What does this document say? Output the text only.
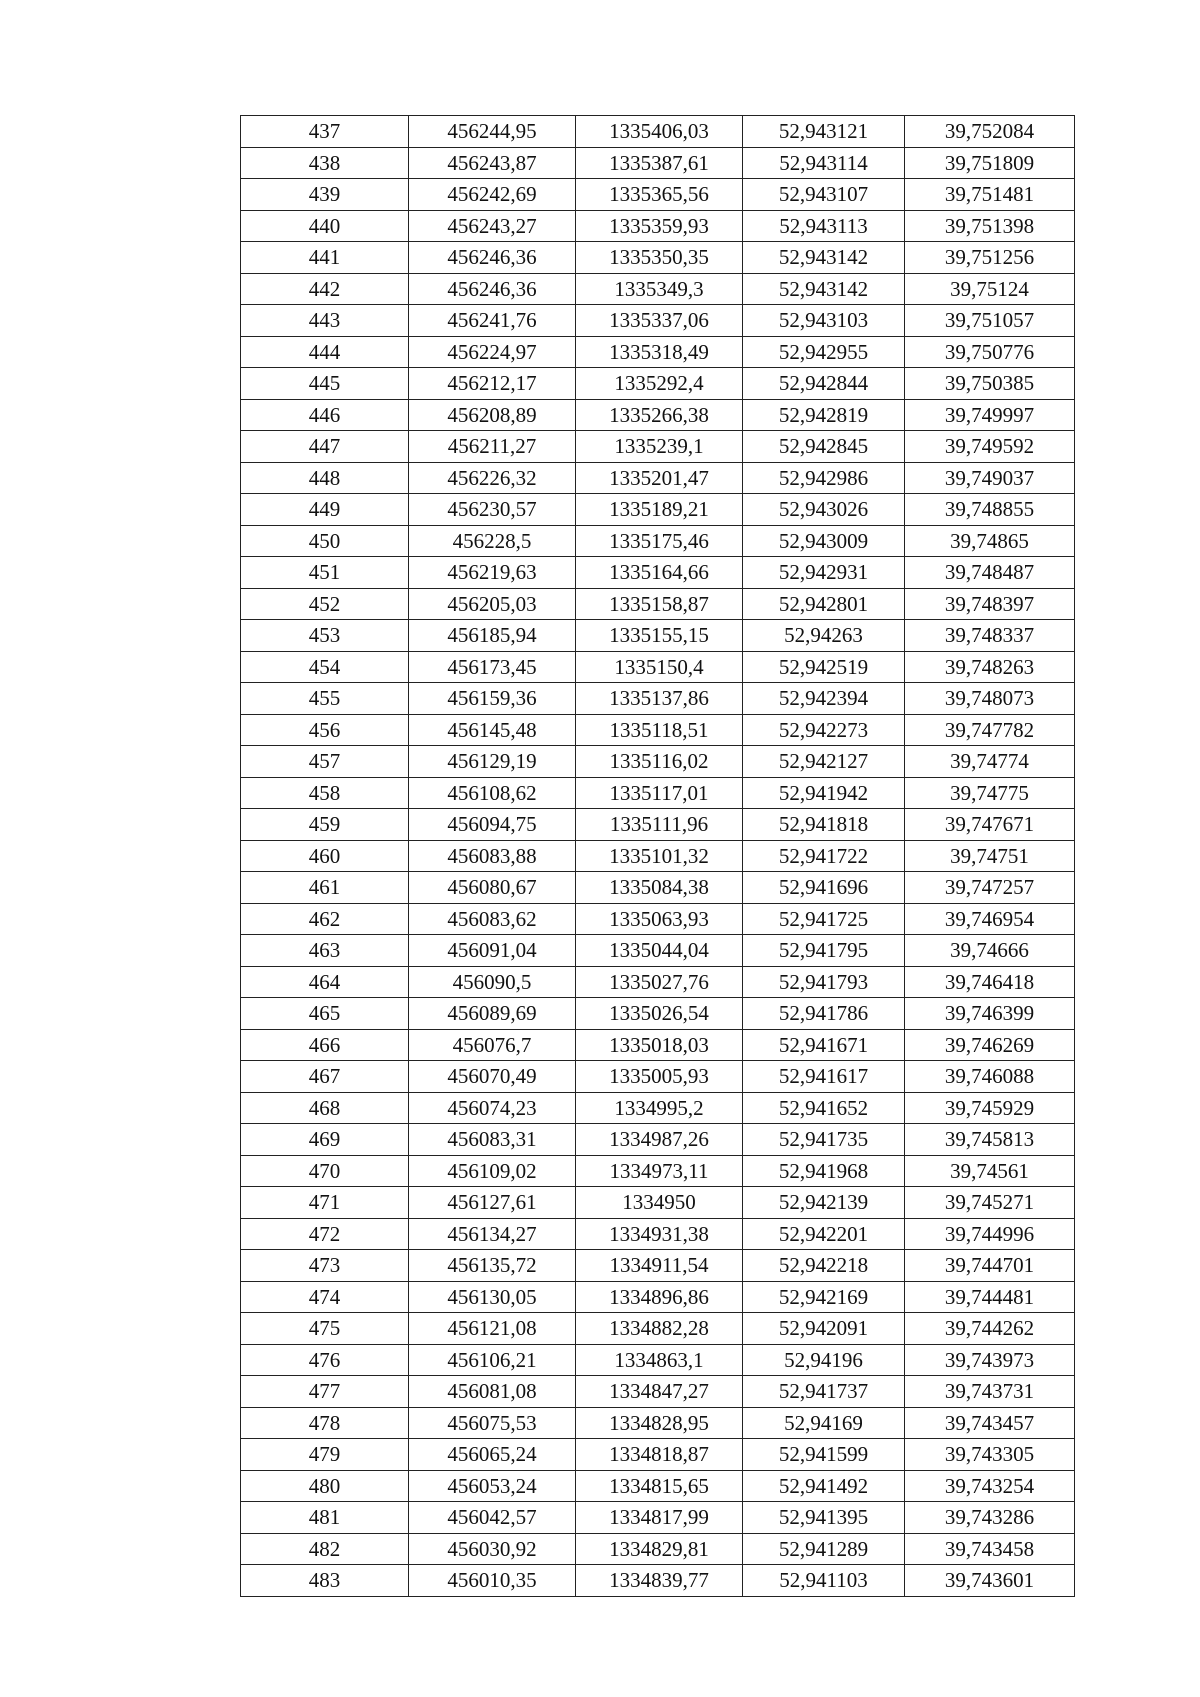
437	456244,95	1335406,03	52,943121	39,752084
438	456243,87	1335387,61	52,943114	39,751809
439	456242,69	1335365,56	52,943107	39,751481
440	456243,27	1335359,93	52,943113	39,751398
441	456246,36	1335350,35	52,943142	39,751256
442	456246,36	1335349,3	52,943142	39,75124
443	456241,76	1335337,06	52,943103	39,751057
444	456224,97	1335318,49	52,942955	39,750776
445	456212,17	1335292,4	52,942844	39,750385
446	456208,89	1335266,38	52,942819	39,749997
447	456211,27	1335239,1	52,942845	39,749592
448	456226,32	1335201,47	52,942986	39,749037
449	456230,57	1335189,21	52,943026	39,748855
450	456228,5	1335175,46	52,943009	39,74865
451	456219,63	1335164,66	52,942931	39,748487
452	456205,03	1335158,87	52,942801	39,748397
453	456185,94	1335155,15	52,94263	39,748337
454	456173,45	1335150,4	52,942519	39,748263
455	456159,36	1335137,86	52,942394	39,748073
456	456145,48	1335118,51	52,942273	39,747782
457	456129,19	1335116,02	52,942127	39,74774
458	456108,62	1335117,01	52,941942	39,74775
459	456094,75	1335111,96	52,941818	39,747671
460	456083,88	1335101,32	52,941722	39,74751
461	456080,67	1335084,38	52,941696	39,747257
462	456083,62	1335063,93	52,941725	39,746954
463	456091,04	1335044,04	52,941795	39,74666
464	456090,5	1335027,76	52,941793	39,746418
465	456089,69	1335026,54	52,941786	39,746399
466	456076,7	1335018,03	52,941671	39,746269
467	456070,49	1335005,93	52,941617	39,746088
468	456074,23	1334995,2	52,941652	39,745929
469	456083,31	1334987,26	52,941735	39,745813
470	456109,02	1334973,11	52,941968	39,74561
471	456127,61	1334950	52,942139	39,745271
472	456134,27	1334931,38	52,942201	39,744996
473	456135,72	1334911,54	52,942218	39,744701
474	456130,05	1334896,86	52,942169	39,744481
475	456121,08	1334882,28	52,942091	39,744262
476	456106,21	1334863,1	52,94196	39,743973
477	456081,08	1334847,27	52,941737	39,743731
478	456075,53	1334828,95	52,94169	39,743457
479	456065,24	1334818,87	52,941599	39,743305
480	456053,24	1334815,65	52,941492	39,743254
481	456042,57	1334817,99	52,941395	39,743286
482	456030,92	1334829,81	52,941289	39,743458
483	456010,35	1334839,77	52,941103	39,743601
